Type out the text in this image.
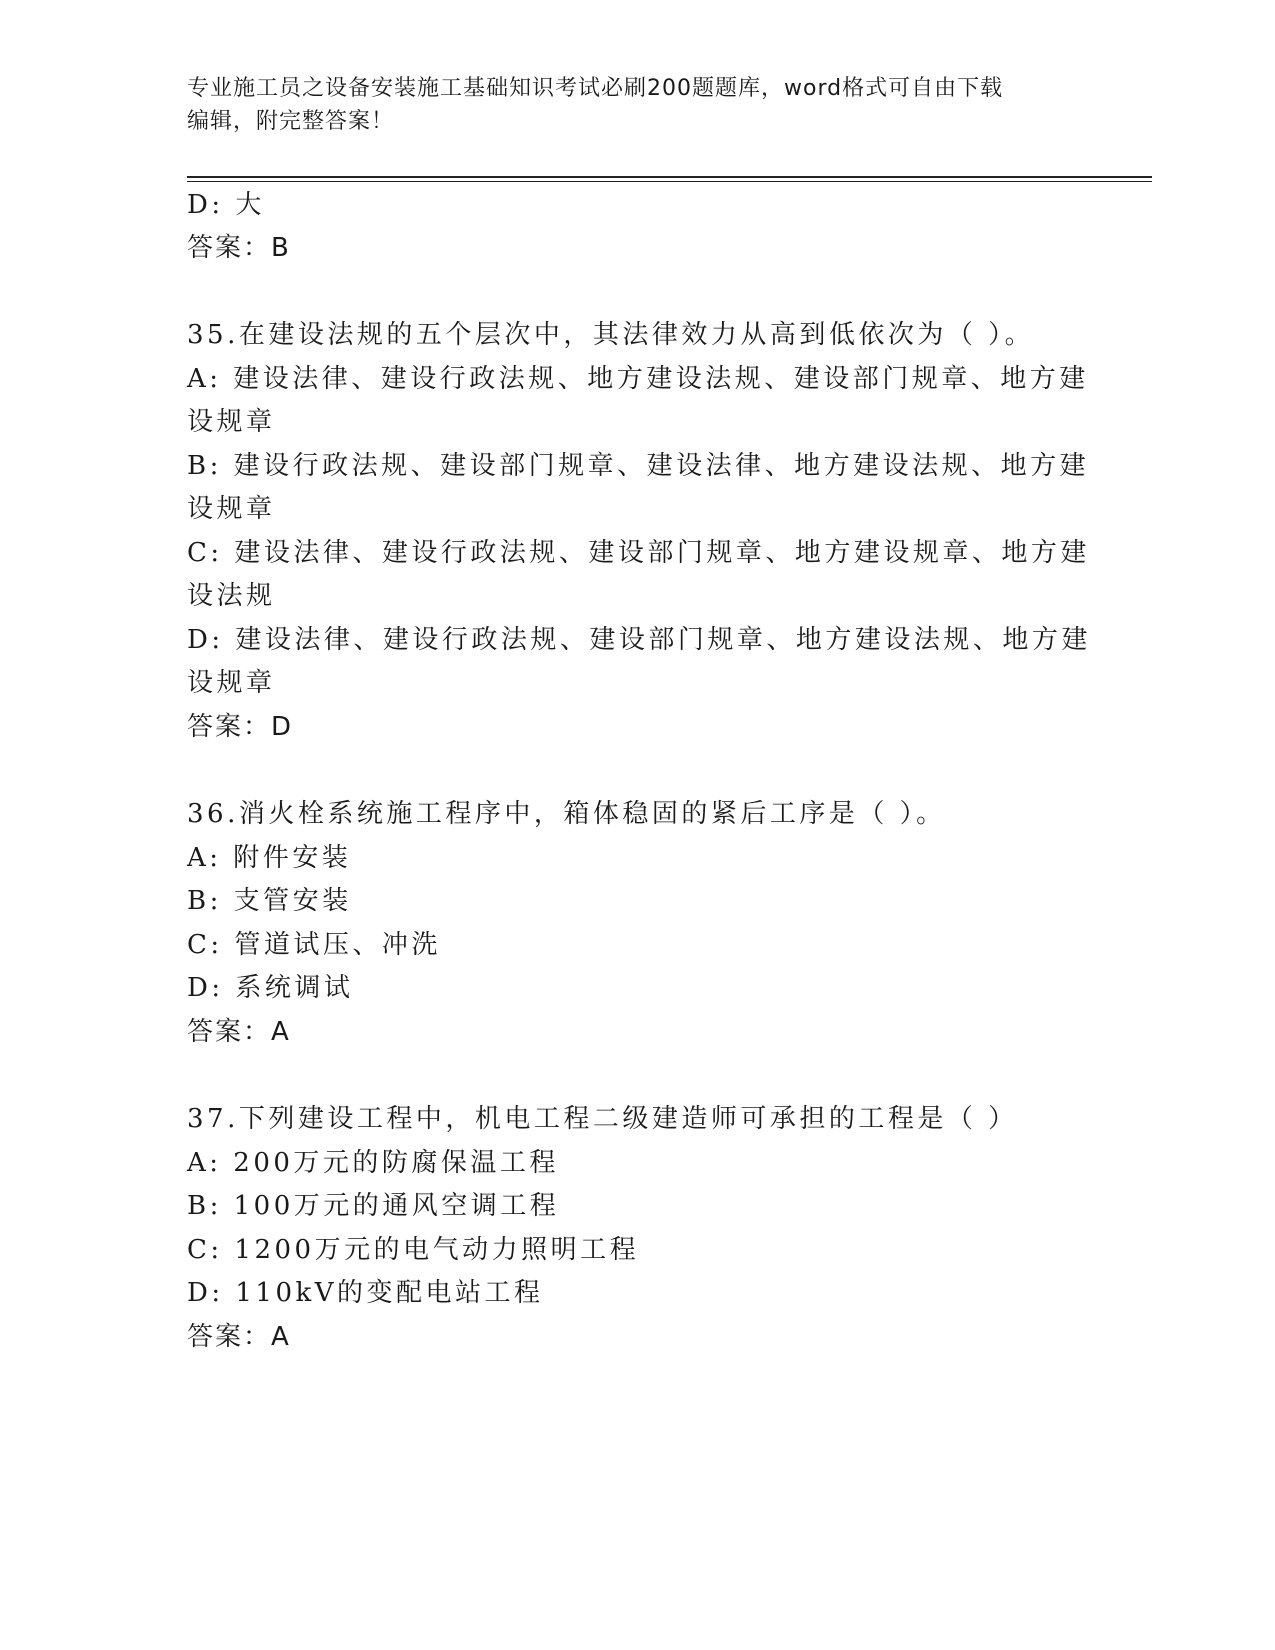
专业施工员之设备安装施工基础知识考试必刷200题题库，word格式可自由下载
编辑，附完整答案！
D: 大
答案：B
35.在建设法规的五个层次中，其法律效力从高到低依次为（ ）。
A: 建设法律、建设行政法规、地方建设法规、建设部门规章、地方建
设规章
B: 建设行政法规、建设部门规章、建设法律、地方建设法规、地方建
设规章
C: 建设法律、建设行政法规、建设部门规章、地方建设规章、地方建
设法规
D: 建设法律、建设行政法规、建设部门规章、地方建设法规、地方建
设规章
答案：D
36.消火栓系统施工程序中，箱体稳固的紧后工序是（ ）。
A: 附件安装
B: 支管安装
C: 管道试压、冲洗
D: 系统调试
答案：A
37.下列建设工程中，机电工程二级建造师可承担的工程是（ ）
A: 200万元的防腐保温工程
B: 100万元的通风空调工程
C: 1200万元的电气动力照明工程
D: 110kV的变配电站工程
答案：A
